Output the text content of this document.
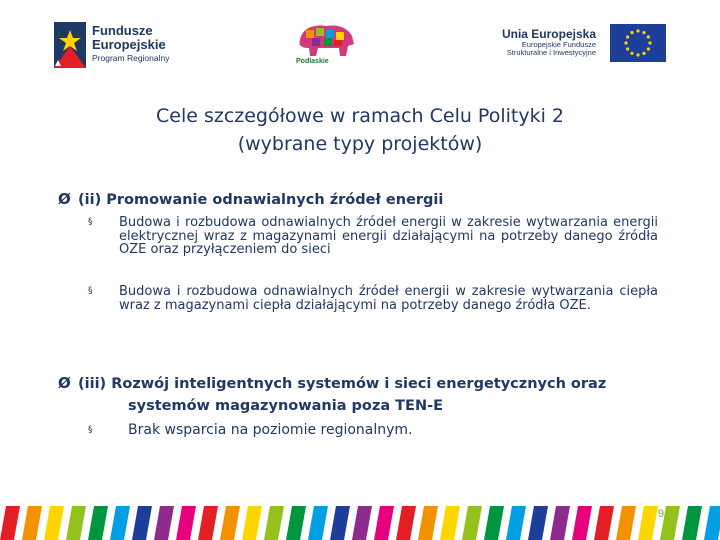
Fundusze
Europejskie
Program Regionalny	Podlaskie
Unia Europejska
Europejskie Fundusze
Strukturalne i Inwestycyjne
Cele szczegółowe w ramach Celu Polityki 2
(wybrane typy projektów)
Ø (ii) Promowanie odnawialnych źródeł energii
§ Budowa i rozbudowa odnawialnych źródeł energii w zakresie wytwarzania energii elektrycznej wraz z magazynami energii działającymi na potrzeby danego źródła OZE oraz przyłączeniem do sieci
§ Budowa i rozbudowa odnawialnych źródeł energii w zakresie wytwarzania ciepła wraz z magazynami ciepła działającymi na potrzeby danego źródła OZE.
Ø (iii) Rozwój inteligentnych systemów i sieci energetycznych oraz
systemów magazynowania poza TEN-E
§	Brak wsparcia na poziomie regionalnym.
9
